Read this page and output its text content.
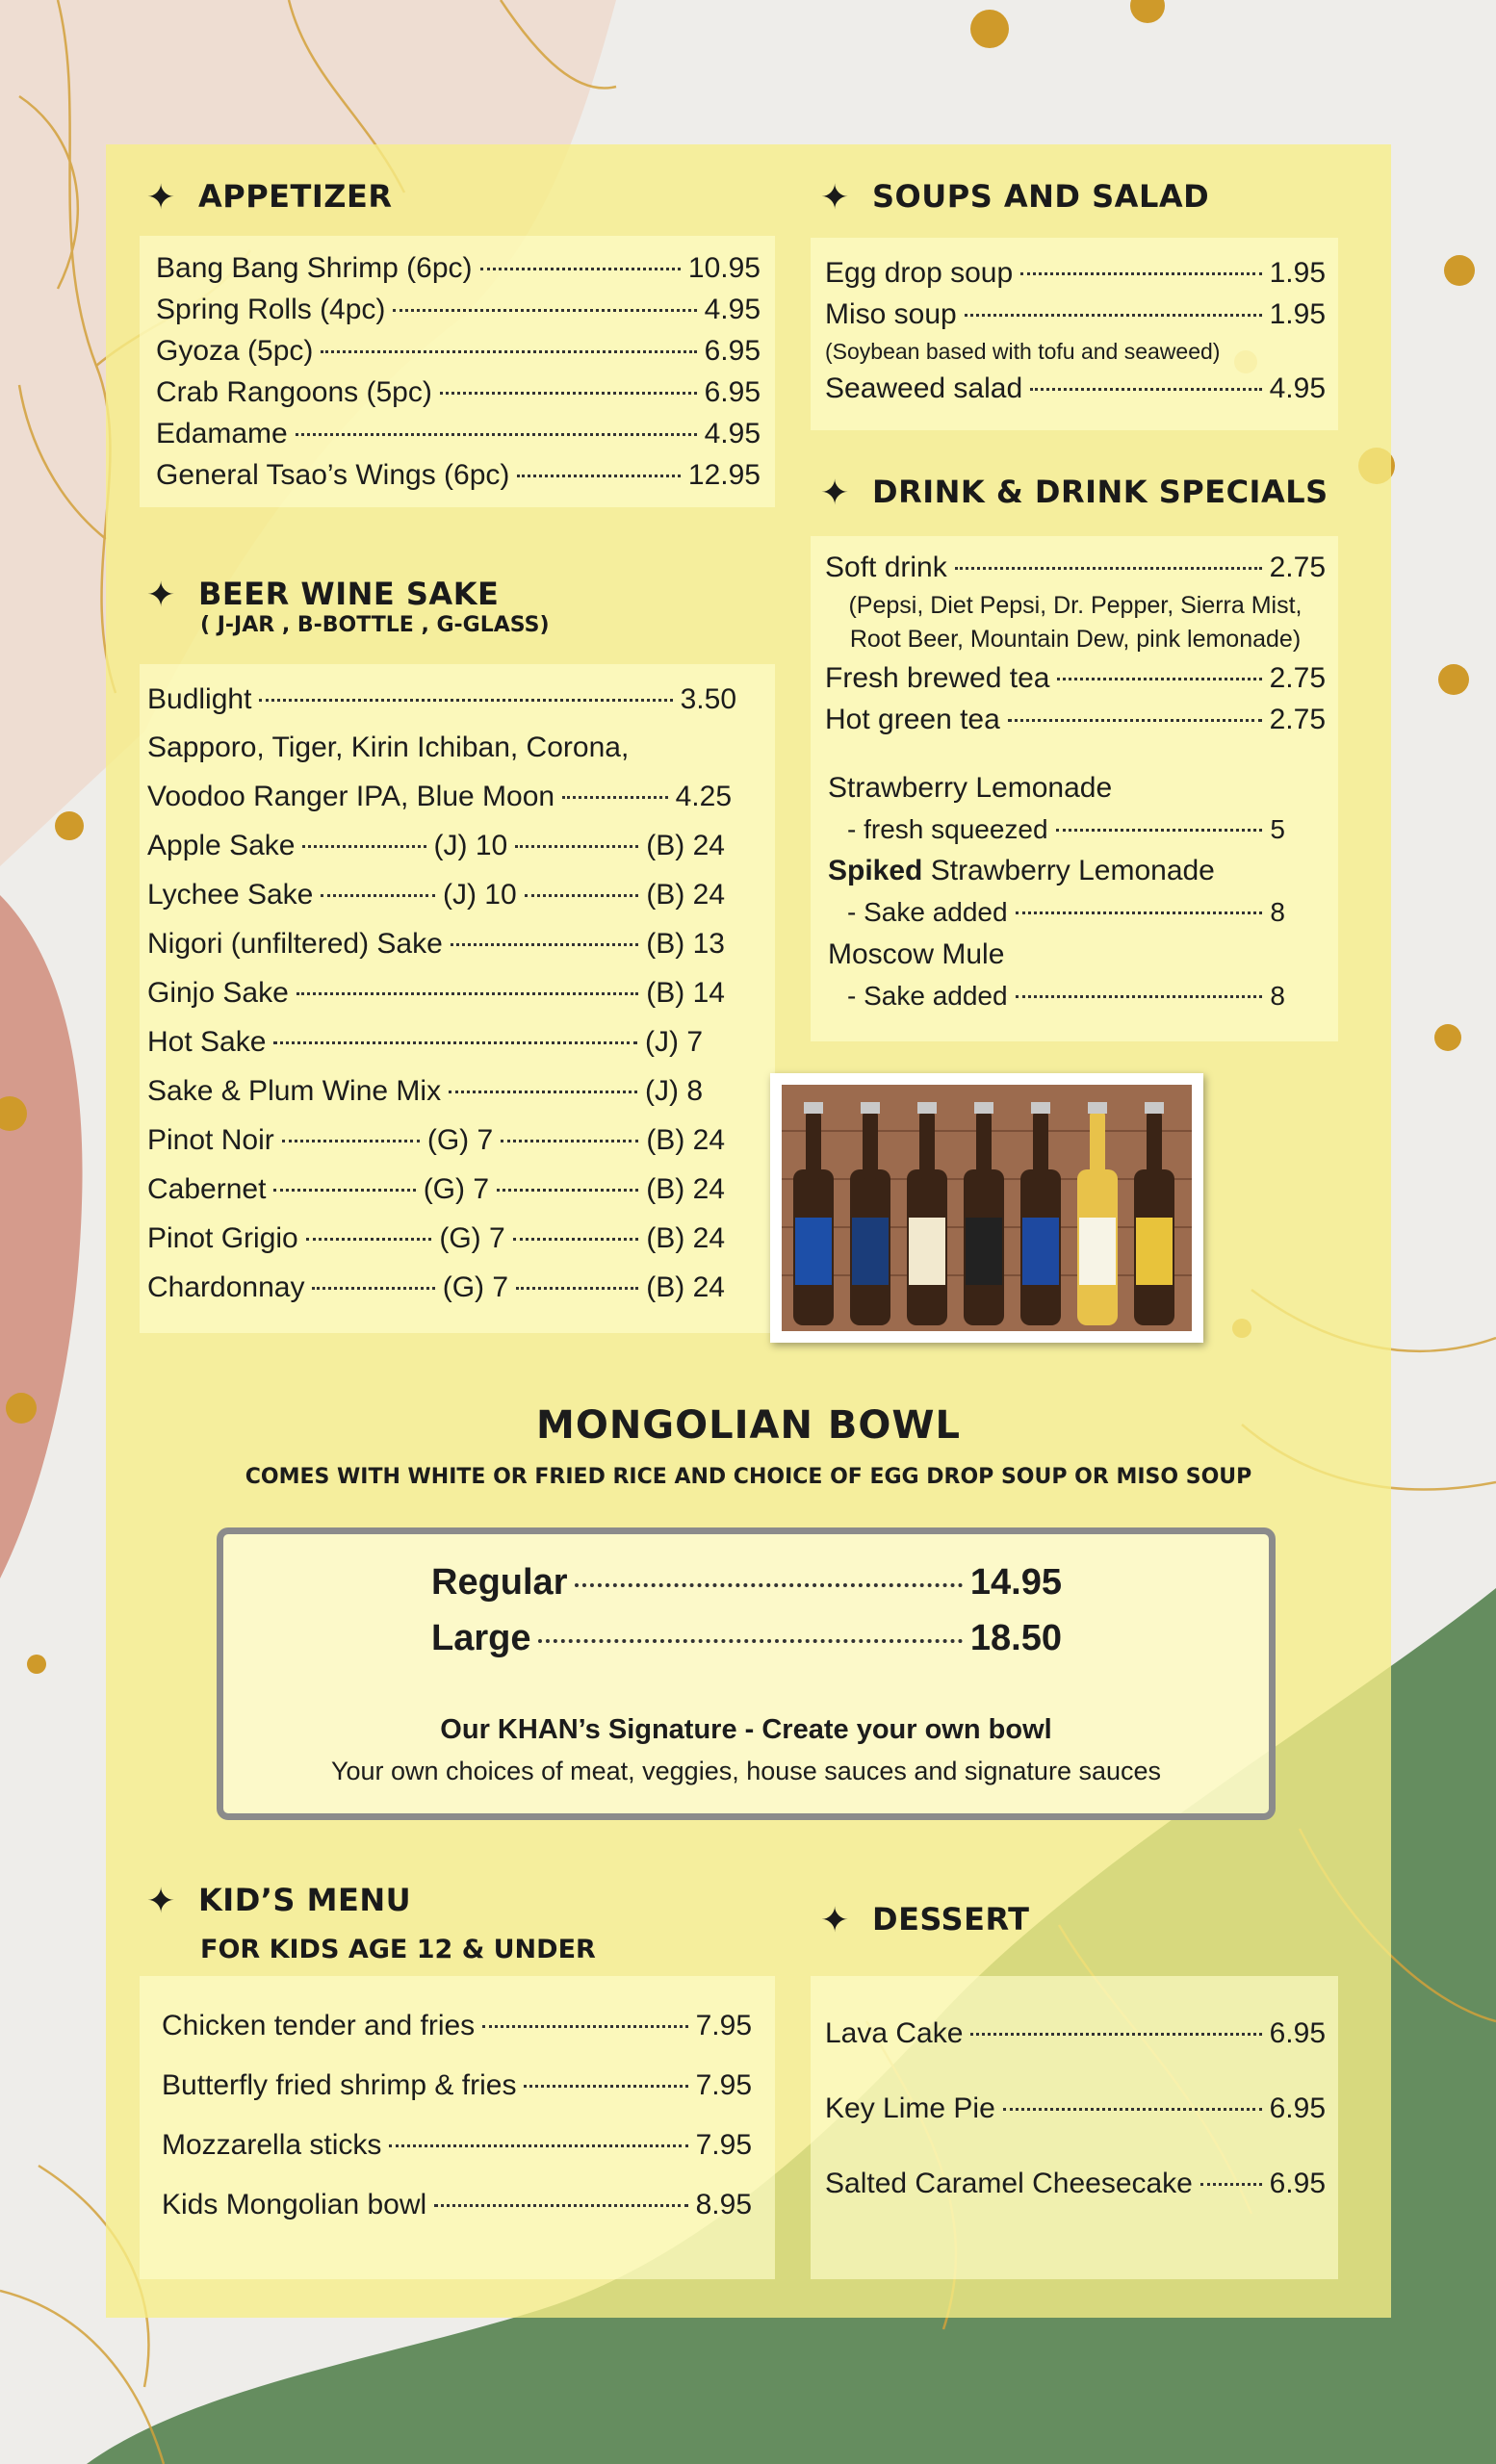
✦ APPETIZER
Bang Bang Shrimp (6pc)	10.95
Spring Rolls (4pc)	4.95
Gyoza (5pc)	6.95
Crab Rangoons (5pc)	6.95
Edamame	4.95
General Tsao’s Wings (6pc)	12.95
✦ SOUPS AND SALAD
Egg drop soup	1.95
Miso soup	1.95
(Soybean based with tofu and seaweed)
Seaweed salad	4.95
✦ DRINK & DRINK SPECIALS
Soft drink	2.75
(Pepsi, Diet Pepsi, Dr. Pepper, Sierra Mist,
Root Beer, Mountain Dew, pink lemonade)
Fresh brewed tea	2.75
Hot green tea	2.75
Strawberry Lemonade
- fresh squeezed	5
Spiked Strawberry Lemonade
- Sake added	8
Moscow Mule
- Sake added	8
✦ BEER WINE SAKE
( J-JAR , B-BOTTLE , G-GLASS)
Budlight	3.50
Sapporo, Tiger, Kirin Ichiban, Corona,
Voodoo Ranger IPA, Blue Moon	4.25
Apple Sake	(J) 10	(B) 24
Lychee Sake	(J) 10	(B) 24
Nigori (unfiltered) Sake	(B) 13
Ginjo Sake	(B) 14
Hot Sake	(J) 7
Sake & Plum Wine Mix	(J) 8
Pinot Noir	(G) 7	(B) 24
Cabernet	(G) 7	(B) 24
Pinot Grigio	(G) 7	(B) 24
Chardonnay	(G) 7	(B) 24
MONGOLIAN BOWL
COMES WITH WHITE OR FRIED RICE AND CHOICE OF EGG DROP SOUP OR MISO SOUP
Regular	14.95
Large	18.50
Our KHAN’s Signature - Create your own bowl
Your own choices of meat, veggies, house sauces and signature sauces
✦ KID’S MENU
FOR KIDS AGE 12 & UNDER
Chicken tender and fries	7.95
Butterfly fried shrimp & fries	7.95
Mozzarella sticks	7.95
Kids Mongolian bowl	8.95
✦ DESSERT
Lava Cake	6.95
Key Lime Pie	6.95
Salted Caramel Cheesecake	6.95
